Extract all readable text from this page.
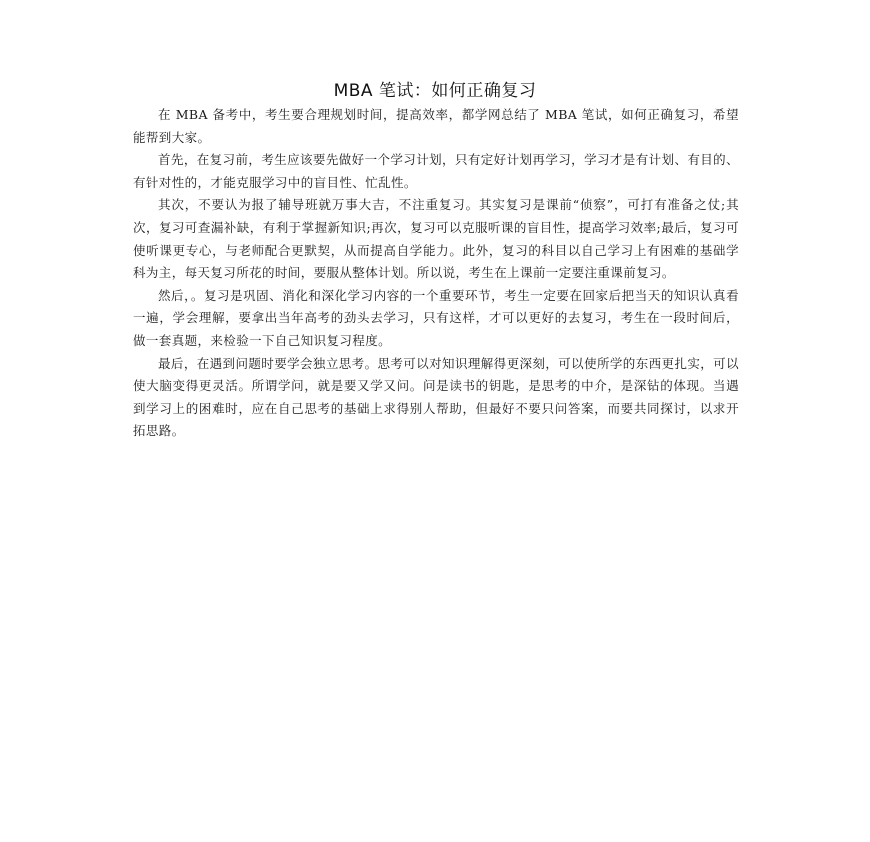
MBA 笔试：如何正确复习

在 MBA 备考中，考生要合理规划时间，提高效率，都学网总结了 MBA 笔试，如何正确复习，希望能帮到大家。

首先，在复习前，考生应该要先做好一个学习计划，只有定好计划再学习，学习才是有计划、有目的、有针对性的，才能克服学习中的盲目性、忙乱性。

其次，不要认为报了辅导班就万事大吉，不注重复习。其实复习是课前“侦察”，可打有准备之仗;其次，复习可查漏补缺，有利于掌握新知识;再次，复习可以克服听课的盲目性，提高学习效率;最后，复习可使听课更专心，与老师配合更默契，从而提高自学能力。此外，复习的科目以自己学习上有困难的基础学科为主，每天复习所花的时间，要服从整体计划。所以说，考生在上课前一定要注重课前复习。

然后，。复习是巩固、消化和深化学习内容的一个重要环节，考生一定要在回家后把当天的知识认真看一遍，学会理解，要拿出当年高考的劲头去学习，只有这样，才可以更好的去复习，考生在一段时间后，做一套真题，来检验一下自己知识复习程度。

最后，在遇到问题时要学会独立思考。思考可以对知识理解得更深刻，可以使所学的东西更扎实，可以使大脑变得更灵活。所谓学问，就是要又学又问。问是读书的钥匙，是思考的中介，是深钻的体现。当遇到学习上的困难时，应在自己思考的基础上求得别人帮助，但最好不要只问答案，而要共同探讨，以求开拓思路。
